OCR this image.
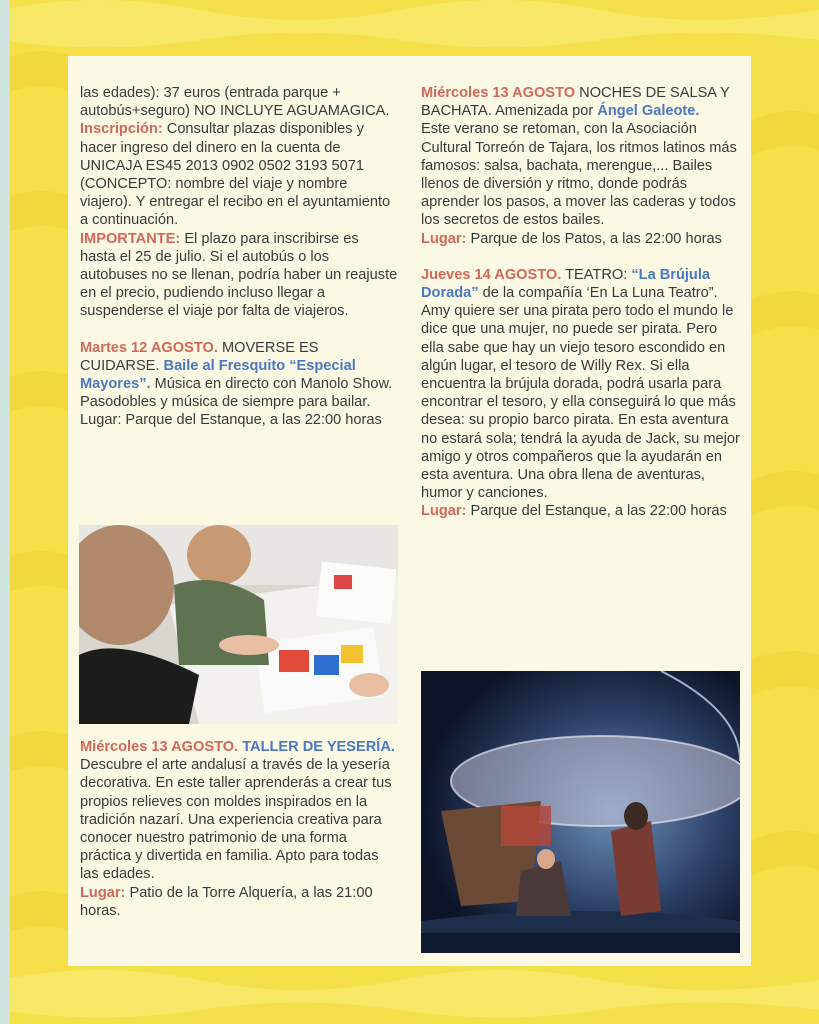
las edades): 37 euros (entrada parque + autobús+seguro) NO INCLUYE AGUAMAGICA.

Inscripción: Consultar plazas disponibles y hacer ingreso del dinero en la cuenta de UNICAJA ES45 2013 0902 0502 3193 5071 (CONCEPTO: nombre del viaje y nombre viajero). Y entregar el recibo en el ayuntamiento a continuación.

IMPORTANTE: El plazo para inscribirse es hasta el 25 de julio. Si el autobús o los autobuses no se llenan, podría haber un reajuste en el precio, pudiendo incluso llegar a suspenderse el viaje por falta de viajeros.

Martes 12 AGOSTO. MOVERSE ES CUIDARSE. Baile al Fresquito “Especial Mayores”. Música en directo con Manolo Show. Pasodobles y música de siempre para bailar.

Lugar: Parque del Estanque, a las 22:00 horas

Miércoles 13 AGOSTO. TALLER DE YESERÍA.

Descubre el arte andalusí a través de la yesería decorativa. En este taller aprenderás a crear tus propios relieves con moldes inspirados en la tradición nazarí. Una experiencia creativa para conocer nuestro patrimonio de una forma práctica y divertida en familia. Apto para todas las edades.

Lugar: Patio de la Torre Alquería, a las 21:00 horas.

Miércoles 13 AGOSTO NOCHES DE SALSA Y BACHATA. Amenizada por Ángel Galeote.

Este verano se retoman, con la Asociación Cultural Torreón de Tajara, los ritmos latinos más famosos: salsa, bachata, merengue,... Bailes llenos de diversión y ritmo, donde podrás aprender los pasos, a mover las caderas y todos los secretos de estos bailes.

Lugar: Parque de los Patos, a las 22:00 horas

Jueves 14 AGOSTO. TEATRO: “La Brújula Dorada” de la compañía ‘En La Luna Teatro”.

Amy quiere ser una pirata pero todo el mundo le dice que una mujer, no puede ser pirata. Pero ella sabe que hay un viejo tesoro escondido en algún lugar, el tesoro de Willy Rex. Si ella encuentra la brújula dorada, podrá usarla para encontrar el tesoro, y ella conseguirá lo que más desea: su propio barco pirata. En esta aventura no estará sola; tendrá la ayuda de Jack, su mejor amigo y otros compañeros que la ayudarán en esta aventura. Una obra llena de aventuras, humor y canciones.

Lugar: Parque del Estanque, a las 22:00 horas
